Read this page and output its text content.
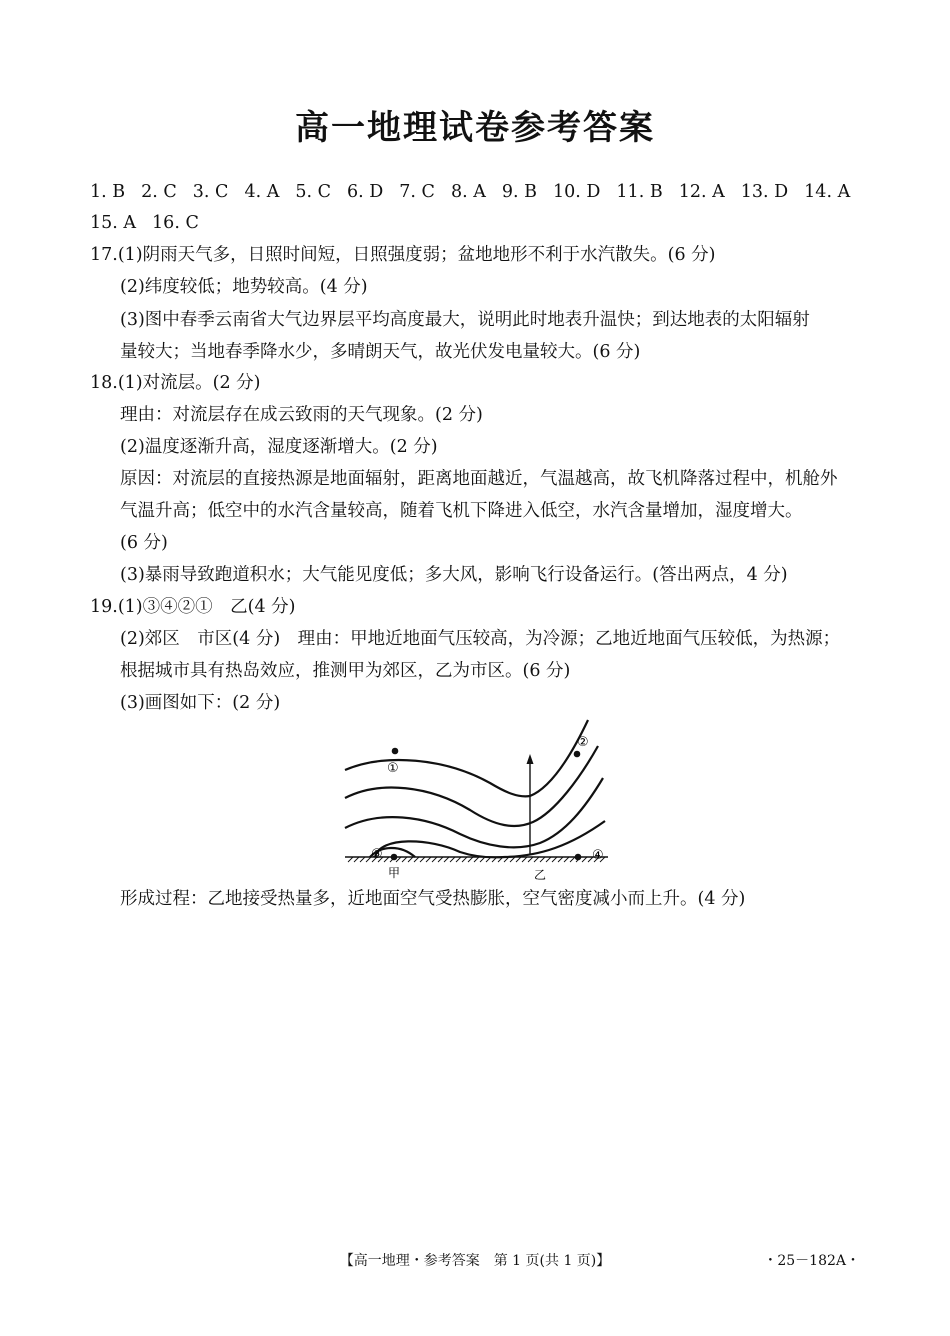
高一地理试卷参考答案
1. B 2. C 3. C 4. A 5. C 6. D 7. C 8. A 9. B 10. D 11. B 12. A 13. D 14. A
15. A 16. C
17.(1)阴雨天气多，日照时间短，日照强度弱；盆地地形不利于水汽散失。(6 分)
(2)纬度较低；地势较高。(4 分)
(3)图中春季云南省大气边界层平均高度最大，说明此时地表升温快；到达地表的太阳辐射
量较大；当地春季降水少，多晴朗天气，故光伏发电量较大。(6 分)
18.(1)对流层。(2 分)
理由：对流层存在成云致雨的天气现象。(2 分)
(2)温度逐渐升高，湿度逐渐增大。(2 分)
原因：对流层的直接热源是地面辐射，距离地面越近，气温越高，故飞机降落过程中，机舱外
气温升高；低空中的水汽含量较高，随着飞机下降进入低空，水汽含量增加，湿度增大。
(6 分)
(3)暴雨导致跑道积水；大气能见度低；多大风，影响飞行设备运行。(答出两点，4 分)
19.(1)③④②①　乙(4 分)
(2)郊区　市区(4 分)　理由：甲地近地面气压较高，为冷源；乙地近地面气压较低，为热源；
根据城市具有热岛效应，推测甲为郊区，乙为市区。(6 分)
(3)画图如下：(2 分)
①
②
③	④
甲	乙
形成过程：乙地接受热量多，近地面空气受热膨胀，空气密度减小而上升。(4 分)
【高一地理・参考答案　第 1 页(共 1 页)】	・25－182A・
